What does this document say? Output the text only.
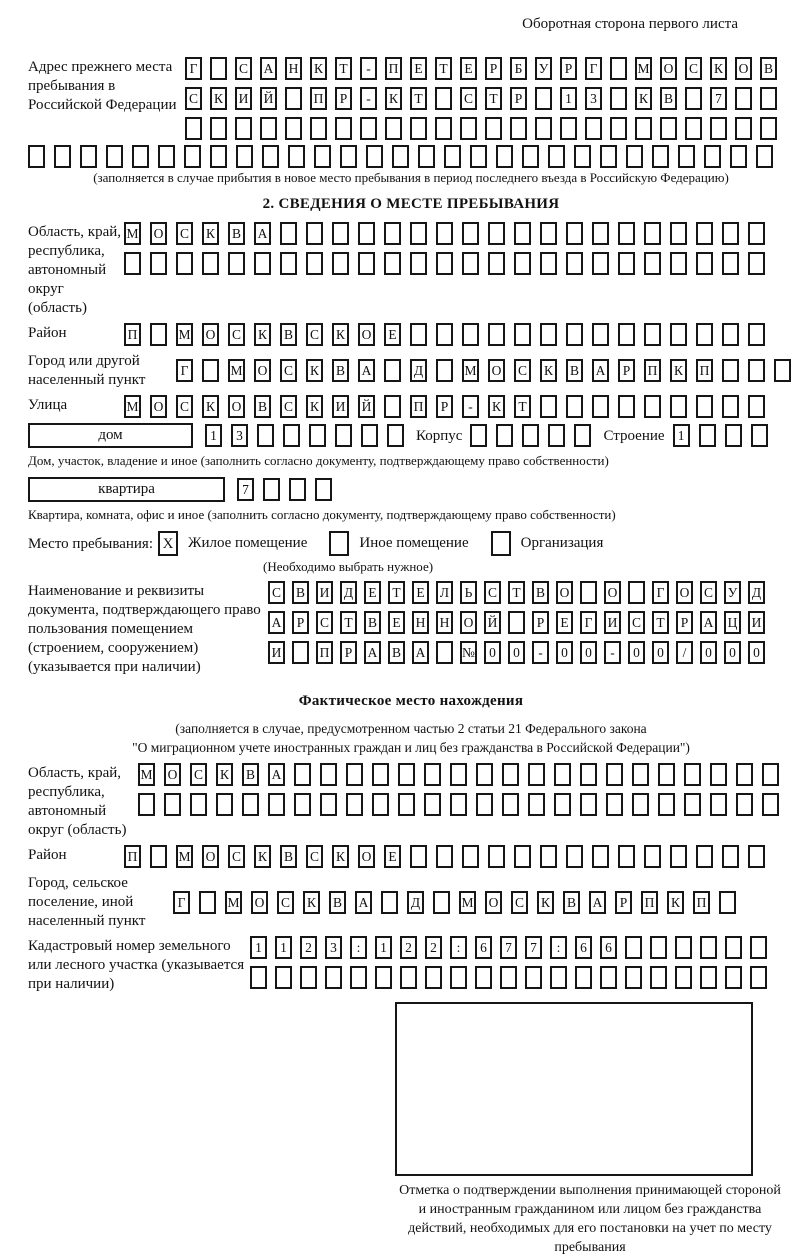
Оборотная сторона первого листа
Адрес прежнего места пребывания в Российской Федерации
Г	С А Н К	Т	-	П	Е	Т	Е	Р	Б	У	Р	Г	М О С К О В
С К И Й	П	Р	-	К	Т	С	Т	Р	1	3	К В	7
(заполняется в случае прибытия в новое место пребывания в период последнего въезда в Российскую Федерацию)
2. СВЕДЕНИЯ О МЕСТЕ ПРЕБЫВАНИЯ
Область, край, республика, автономный округ (область)
М О С К В А
Район	П	М О С К В С К О	Е
Город или другой населенный пункт
Г	М О С К В А	Д	М О С К В А	Р	П К П
Улица	М О С К О В С К И Й	П	Р	-	К	Т
дом	1	3	Корпус	Строение 1
Дом, участок, владение и иное (заполнить согласно документу, подтверждающему право собственности)
квартира	7
Квартира, комната, офис и иное (заполнить согласно документу, подтверждающему право собственности)
Место пребывания: X Жилое помещение	Иное помещение	Организация
(Необходимо выбрать нужное)
Наименование и реквизиты документа, подтверждающего право пользования помещением (строением, сооружением) (указывается при наличии)
С В И Д	Е	Т	Е	Л	Ь	С	Т	В О	О	Г	О С У Д
А	Р	С	Т	В	Е	Н Н О Й	Р	Е	Г	И С	Т	Р	А Ц И
И	П	Р	А В А	№	0	0	-	0	0	-	0	0	/	0	0	0
Фактическое место нахождения
(заполняется в случае, предусмотренном частью 2 статьи 21 Федерального закона
"О миграционном учете иностранных граждан и лиц без гражданства в Российской Федерации")
Область, край, республика, автономный округ (область)
М О С К В А
Район	П	М О С К В С К О	Е
Город, сельское поселение, иной населенный пункт
Г	М О С К В А	Д	М О С К В А	Р	П К П
Кадастровый номер земельного или лесного участка (указывается при наличии)
1	1	2	3	:	1	2	2	:	6	7	7	:	6	6
Отметка о подтверждении выполнения принимающей стороной и иностранным гражданином или лицом без гражданства действий, необходимых для его постановки на учет по месту пребывания
